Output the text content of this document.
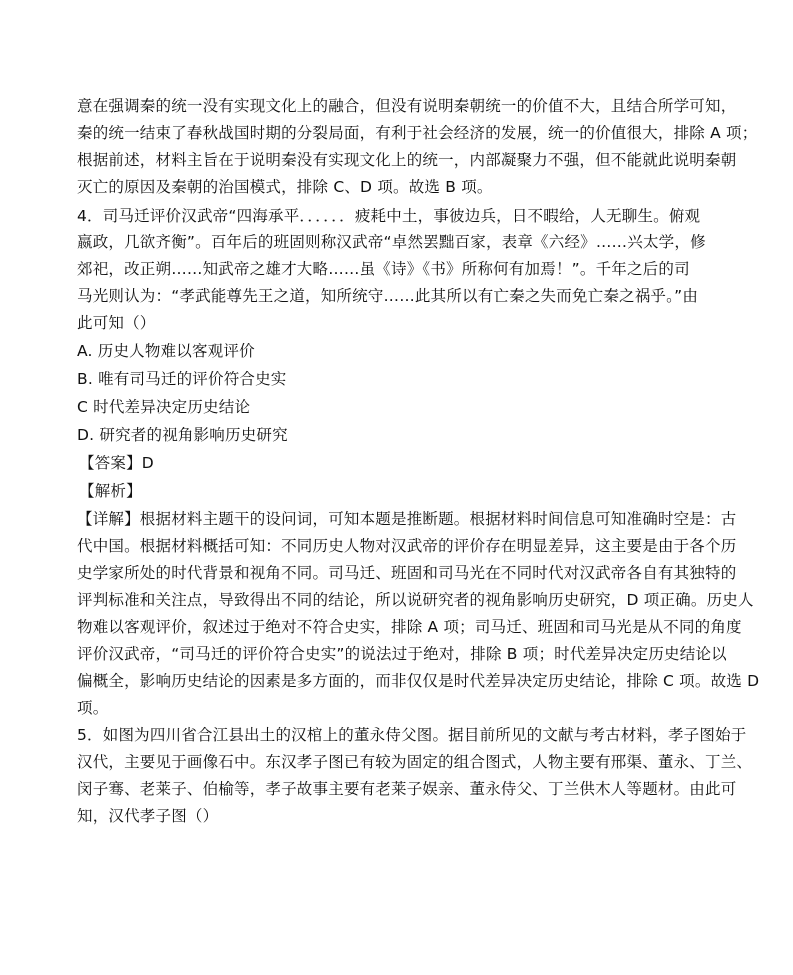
意在强调秦的统一没有实现文化上的融合，但没有说明秦朝统一的价值不大，且结合所学可知，
秦的统一结束了春秋战国时期的分裂局面，有利于社会经济的发展，统一的价值很大，排除 A 项；
根据前述，材料主旨在于说明秦没有实现文化上的统一，内部凝聚力不强，但不能就此说明秦朝
灭亡的原因及秦朝的治国模式，排除 C、D 项。故选 B 项。
4．司马迁评价汉武帝“四海承平．．．．．．疲耗中土，事彼边兵，日不暇给，人无聊生。俯观
嬴政，几欲齐衡”。百年后的班固则称汉武帝“卓然罢黜百家，表章《六经》……兴太学，修
郊祀，改正朔……知武帝之雄才大略……虽《诗》《书》所称何有加焉！”。千年之后的司
马光则认为：“孝武能尊先王之道，知所统守……此其所以有亡秦之失而免亡秦之祸乎。”由
此可知（）
A. 历史人物难以客观评价
B. 唯有司马迁的评价符合史实
C 时代差异决定历史结论
D. 研究者的视角影响历史研究
【答案】D
【解析】
【详解】根据材料主题干的设问词，可知本题是推断题。根据材料时间信息可知准确时空是：古
代中国。根据材料概括可知：不同历史人物对汉武帝的评价存在明显差异，这主要是由于各个历
史学家所处的时代背景和视角不同。司马迁、班固和司马光在不同时代对汉武帝各自有其独特的
评判标准和关注点，导致得出不同的结论，所以说研究者的视角影响历史研究，D 项正确。历史人
物难以客观评价，叙述过于绝对不符合史实，排除 A 项；司马迁、班固和司马光是从不同的角度
评价汉武帝，“司马迁的评价符合史实”的说法过于绝对，排除 B 项；时代差异决定历史结论以
偏概全，影响历史结论的因素是多方面的，而非仅仅是时代差异决定历史结论，排除 C 项。故选 D
项。
5．如图为四川省合江县出土的汉棺上的董永侍父图。据目前所见的文献与考古材料，孝子图始于
汉代，主要见于画像石中。东汉孝子图已有较为固定的组合图式，人物主要有邢渠、董永、丁兰、
闵子骞、老莱子、伯榆等，孝子故事主要有老莱子娱亲、董永侍父、丁兰供木人等题材。由此可
知，汉代孝子图（）
